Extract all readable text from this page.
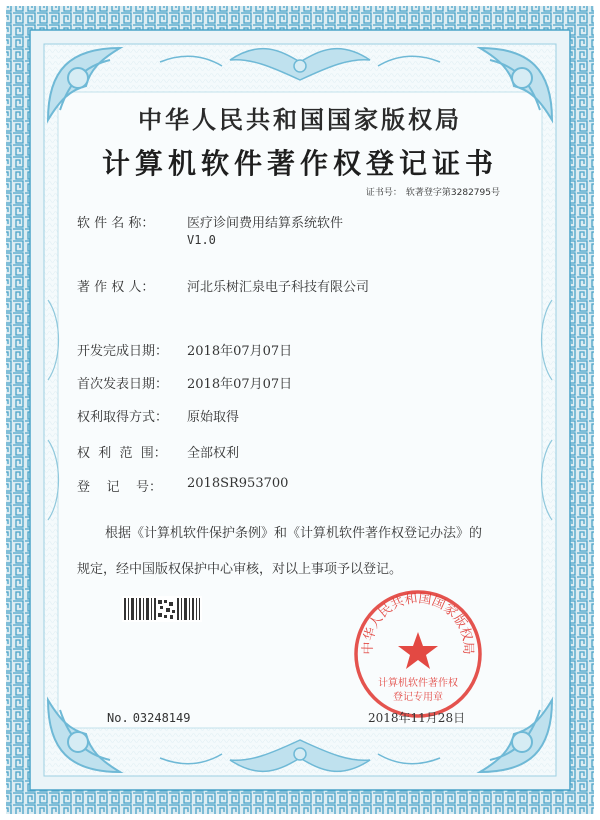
中华人民共和国国家版权局
计算机软件著作权登记证书
证书号： 软著登字第3282795号
软 件 名 称：	医疗诊间费用结算系统软件
V1.0
著 作 权 人：	河北乐树汇泉电子科技有限公司
开发完成日期：	2018年07月07日
首次发表日期：	2018年07月07日
权利取得方式：	原始取得
权  利  范  围：	全部权利
登    记    号：	2018SR953700
根据《计算机软件保护条例》和《计算机软件著作权登记办法》的
规定，经中国版权保护中心审核，对以上事项予以登记。
No. 03248149
中华人民共和国国家版权局
计算机软件著作权
登记专用章
2018年11月28日
